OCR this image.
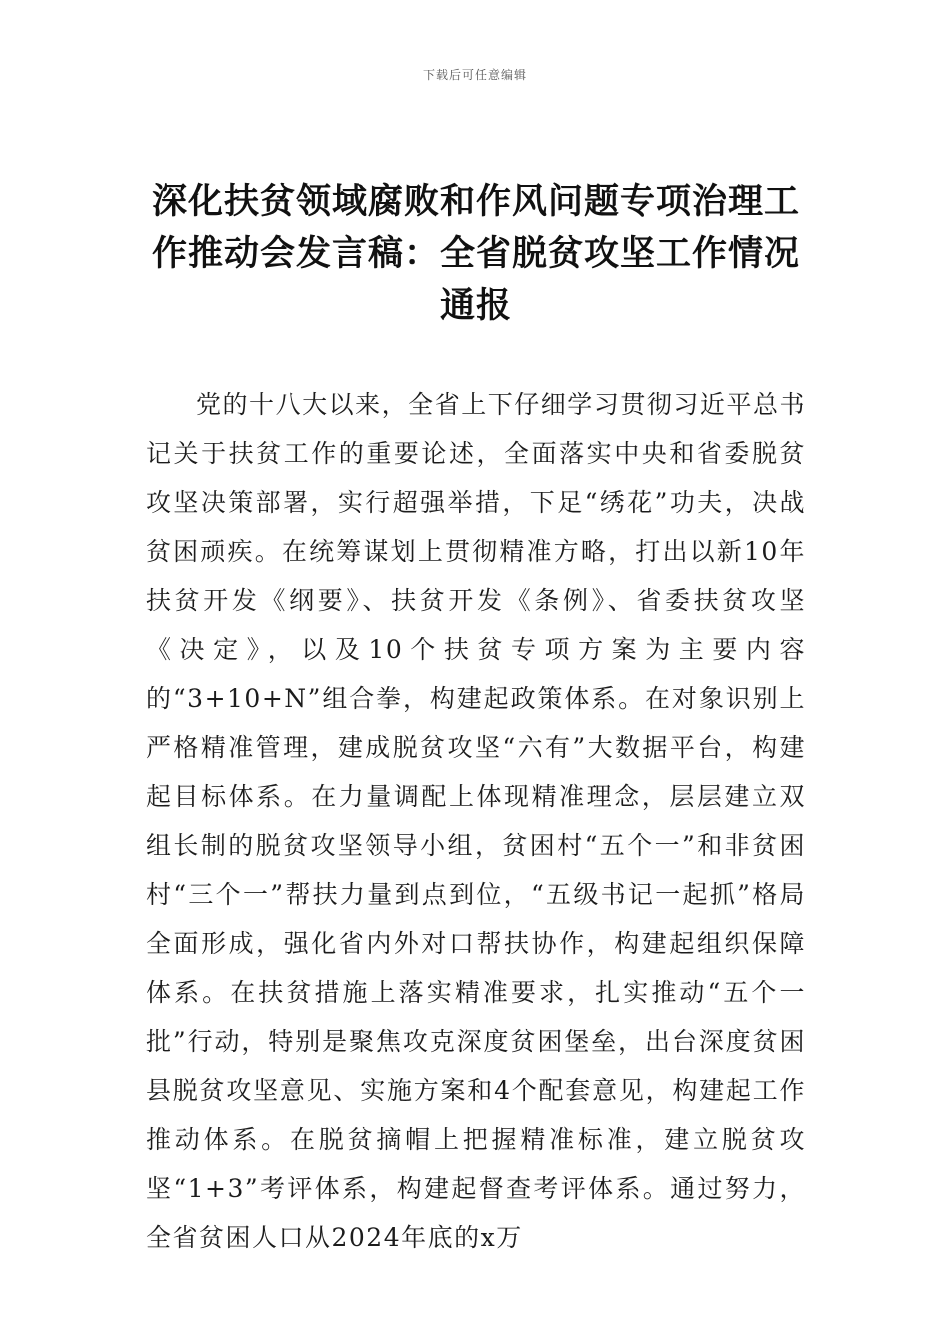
下载后可任意编辑
深化扶贫领域腐败和作风问题专项治理工作推动会发言稿：全省脱贫攻坚工作情况通报

党的十八大以来，全省上下仔细学习贯彻习近平总书记关于扶贫工作的重要论述，全面落实中央和省委脱贫攻坚决策部署，实行超强举措，下足“绣花”功夫，决战贫困顽疾。在统筹谋划上贯彻精准方略，打出以新10年扶贫开发《纲要》、扶贫开发《条例》、省委扶贫攻坚《决定》，以及10个扶贫专项方案为主要内容的“3+10+N”组合拳，构建起政策体系。在对象识别上严格精准管理，建成脱贫攻坚“六有”大数据平台，构建起目标体系。在力量调配上体现精准理念，层层建立双组长制的脱贫攻坚领导小组，贫困村“五个一”和非贫困村“三个一”帮扶力量到点到位，“五级书记一起抓”格局全面形成，强化省内外对口帮扶协作，构建起组织保障体系。在扶贫措施上落实精准要求，扎实推动“五个一批”行动，特别是聚焦攻克深度贫困堡垒，出台深度贫困县脱贫攻坚意见、实施方案和4个配套意见，构建起工作推动体系。在脱贫摘帽上把握精准标准，建立脱贫攻坚“1+3”考评体系，构建起督查考评体系。通过努力，全省贫困人口从2024年底的x万
